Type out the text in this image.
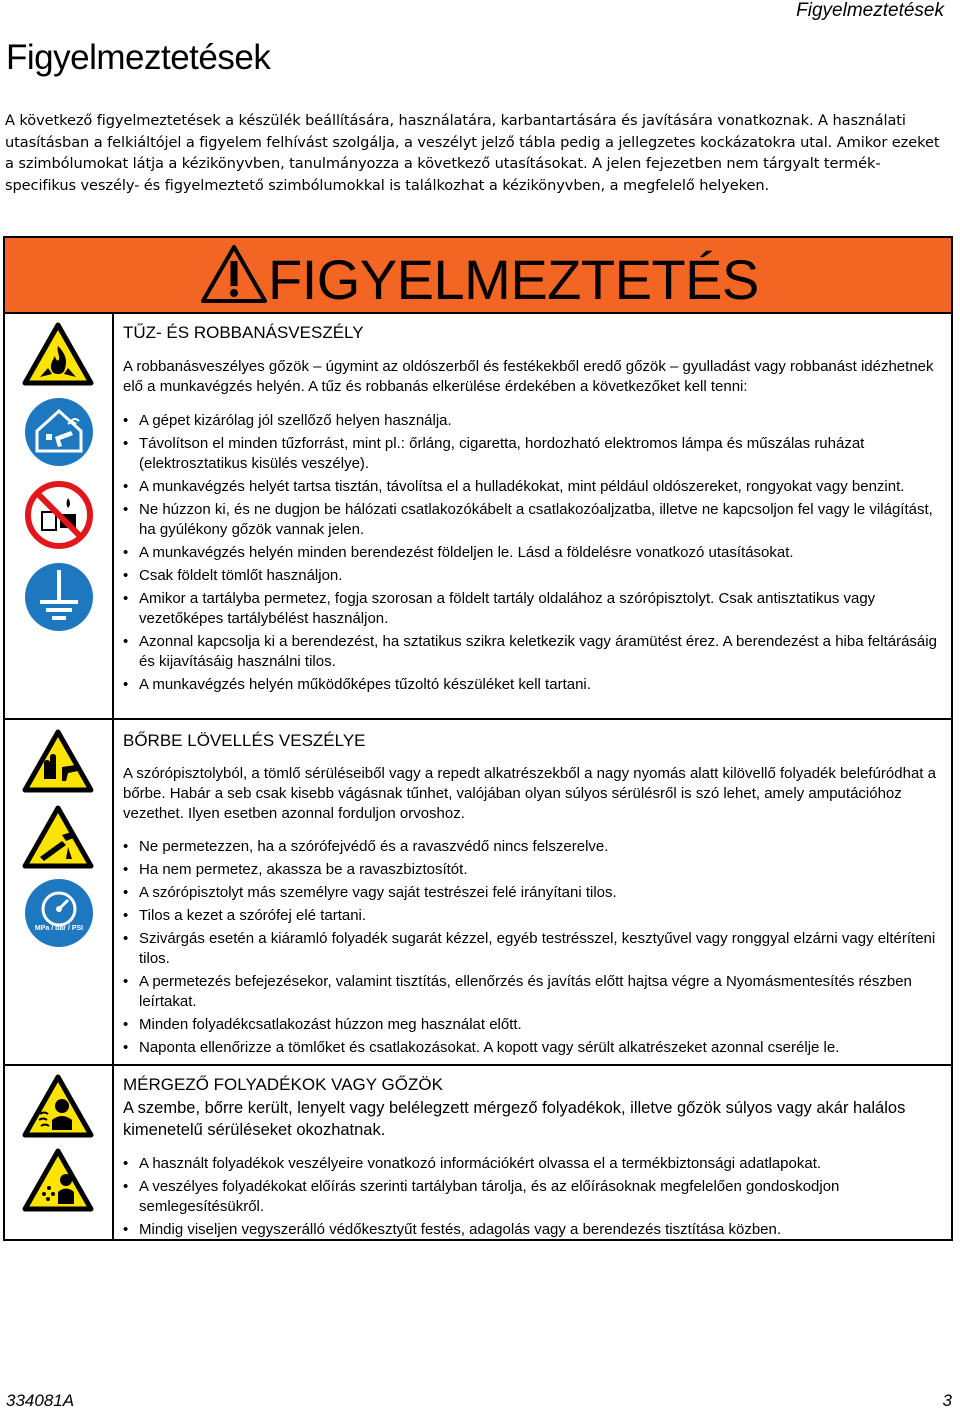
Figyelmeztetések
Figyelmeztetések

A következő figyelmeztetések a készülék beállítására, használatára, karbantartására és javítására vonatkoznak. A használati utasításban a felkiáltójel a figyelem felhívást szolgálja, a veszélyt jelző tábla pedig a jellegzetes kockázatokra utal. Amikor ezeket a szimbólumokat látja a kézikönyvben, tanulmányozza a következő utasításokat. A jelen fejezetben nem tárgyalt termék-specifikus veszély- és figyelmeztető szimbólumokkal is találkozhat a kézikönyvben, a megfelelő helyeken.

FIGYELMEZTETÉS
TŰZ- ÉS ROBBANÁSVESZÉLY

A robbanásveszélyes gőzök – úgymint az oldószerből és festékekből eredő gőzök – gyulladást vagy robbanást idézhetnek elő a munkavégzés helyén. A tűz és robbanás elkerülése érdekében a következőket kell tenni:

• A gépet kizárólag jól szellőző helyen használja.
• Távolítson el minden tűzforrást, mint pl.: őrláng, cigaretta, hordozható elektromos lámpa és műszálas ruházat (elektrosztatikus kisülés veszélye).
• A munkavégzés helyét tartsa tisztán, távolítsa el a hulladékokat, mint például oldószereket, rongyokat vagy benzint.
• Ne húzzon ki, és ne dugjon be hálózati csatlakozókábelt a csatlakozóaljzatba, illetve ne kapcsoljon fel vagy le világítást, ha gyúlékony gőzök vannak jelen.
• A munkavégzés helyén minden berendezést földeljen le. Lásd a földelésre vonatkozó utasításokat.
• Csak földelt tömlőt használjon.
• Amikor a tartályba permetez, fogja szorosan a földelt tartály oldalához a szórópisztolyt. Csak antisztatikus vagy vezetőképes tartálybélést használjon.
• Azonnal kapcsolja ki a berendezést, ha sztatikus szikra keletkezik vagy áramütést érez. A berendezést a hiba feltárásáig és kijavításáig használni tilos.
• A munkavégzés helyén működőképes tűzoltó készüléket kell tartani.
MPa / bar / PSI
BŐRBE LÖVELLÉS VESZÉLYE

A szórópisztolyból, a tömlő sérüléseiből vagy a repedt alkatrészekből a nagy nyomás alatt kilövellő folyadék belefúródhat a bőrbe. Habár a seb csak kisebb vágásnak tűnhet, valójában olyan súlyos sérülésről is szó lehet, amely amputációhoz vezethet. Ilyen esetben azonnal forduljon orvoshoz.

• Ne permetezzen, ha a szórófejvédő és a ravaszvédő nincs felszerelve.
• Ha nem permetez, akassza be a ravaszbiztosítót.
• A szórópisztolyt más személyre vagy saját testrészei felé irányítani tilos.
• Tilos a kezet a szórófej elé tartani.
• Szivárgás esetén a kiáramló folyadék sugarát kézzel, egyéb testrésszel, kesztyűvel vagy ronggyal elzárni vagy eltéríteni tilos.
• A permetezés befejezésekor, valamint tisztítás, ellenőrzés és javítás előtt hajtsa végre a Nyomásmentesítés részben leírtakat.
• Minden folyadékcsatlakozást húzzon meg használat előtt.
• Naponta ellenőrizze a tömlőket és csatlakozásokat. A kopott vagy sérült alkatrészeket azonnal cserélje le.
MÉRGEZŐ FOLYADÉKOK VAGY GŐZÖK

A szembe, bőrre került, lenyelt vagy belélegzett mérgező folyadékok, illetve gőzök súlyos vagy akár halálos kimenetelű sérüléseket okozhatnak.

• A használt folyadékok veszélyeire vonatkozó információkért olvassa el a termékbiztonsági adatlapokat.
• A veszélyes folyadékokat előírás szerinti tartályban tárolja, és az előírásoknak megfelelően gondoskodjon semlegesítésükről.
• Mindig viseljen vegyszerálló védőkesztyűt festés, adagolás vagy a berendezés tisztítása közben.
334081A	3
